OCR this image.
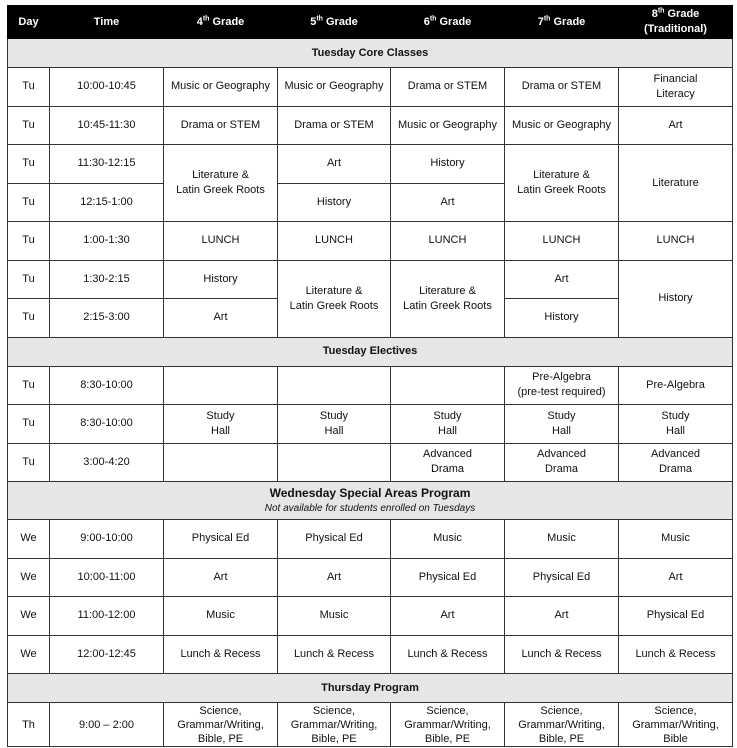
Day	Time	4th Grade	5th Grade	6th Grade	7th Grade	8th Grade
(Traditional)
Tuesday Core Classes						
Tu	10:00-10:45	Music or Geography	Music or Geography	Drama or STEM	Drama or STEM	Financial
Literacy
Tu	10:45-11:30	Drama or STEM	Drama or STEM	Music or Geography	Music or Geography	Art
Tu	11:30-12:15	Literature &
Latin Greek Roots	Art	History	Literature &
Latin Greek Roots	Literature
Tu	12:15-1:00		History	Art		
Tu	1:00-1:30	LUNCH	LUNCH	LUNCH	LUNCH	LUNCH
Tu	1:30-2:15	History	Literature &
Latin Greek Roots	Literature &
Latin Greek Roots	Art	History
Tu	2:15-3:00	Art			History	
Tuesday Electives						
Tu	8:30-10:00				Pre-Algebra
(pre-test required)	Pre-Algebra
Tu	8:30-10:00	Study
Hall	Study
Hall	Study
Hall	Study
Hall	Study
Hall
Tu	3:00-4:20			Advanced
Drama	Advanced
Drama	Advanced
Drama
Wednesday Special Areas Program
Not available for students enrolled on Tuesdays						

We	9:00-10:00	Physical Ed	Physical Ed	Music	Music	Music
We	10:00-11:00	Art	Art	Physical Ed	Physical Ed	Art
We	11:00-12:00	Music	Music	Art	Art	Physical Ed
We	12:00-12:45	Lunch & Recess	Lunch & Recess	Lunch & Recess	Lunch & Recess	Lunch & Recess
Thursday Program						
Th	9:00 – 2:00	Science,
Grammar/Writing,
Bible, PE	Science,
Grammar/Writing,
Bible, PE	Science,
Grammar/Writing,
Bible, PE	Science,
Grammar/Writing,
Bible, PE	Science,
Grammar/Writing,
Bible
